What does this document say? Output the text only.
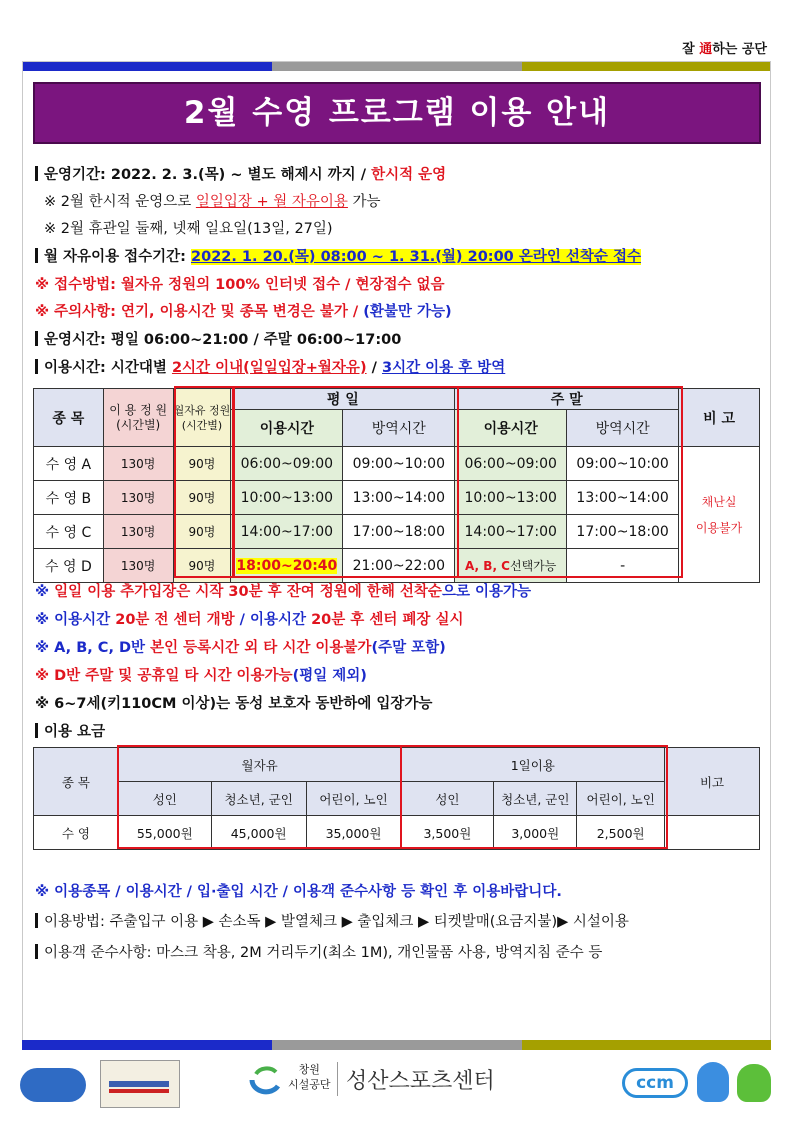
잘 通하는 공단
2월 수영 프로그램 이용 안내
운영기간: 2022. 2. 3.(목) ~ 별도 해제시 까지 / 한시적 운영
※ 2월 한시적 운영으로 일일입장 + 월 자유이용 가능
※ 2월 휴관일 둘째, 넷째 일요일(13일, 27일)
월 자유이용 접수기간: 2022. 1. 20.(목) 08:00 ~ 1. 31.(월) 20:00 온라인 선착순 접수
※ 접수방법: 월자유 정원의 100% 인터넷 접수 / 현장접수 없음
※ 주의사항: 연기, 이용시간 및 종목 변경은 불가 / (환불만 가능)
운영시간: 평일 06:00~21:00 / 주말 06:00~17:00
이용시간: 시간대별 2시간 이내(일일입장+월자유) / 3시간 이용 후 방역
종 목	이 용 정 원 (시간별)	월자유 정원 (시간별)	평 일		주 말		비 고
			이용시간	방역시간	이용시간	방역시간	
수 영 A	130명	90명	06:00~09:00	09:00~10:00	06:00~09:00	09:00~10:00	채난실 이용불가
수 영 B	130명	90명	10:00~13:00	13:00~14:00	10:00~13:00	13:00~14:00	
수 영 C	130명	90명	14:00~17:00	17:00~18:00	14:00~17:00	17:00~18:00	
수 영 D	130명	90명	18:00~20:40	21:00~22:00	A, B, C선택가능	-	
※ 일일 이용 추가입장은 시작 30분 후 잔여 정원에 한해 선착순으로 이용가능
※ 이용시간 20분 전 센터 개방 / 이용시간 20분 후 센터 폐장 실시
※ A, B, C, D반 본인 등록시간 외 타 시간 이용불가(주말 포함)
※ D반 주말 및 공휴일 타 시간 이용가능(평일 제외)
※ 6~7세(키110CM 이상)는 동성 보호자 동반하에 입장가능
이용 요금
종 목	월자유			1일이용			비고
	성인	청소년, 군인	어린이, 노인	성인	청소년, 군인	어린이, 노인	
수 영	55,000원	45,000원	35,000원	3,500원	3,000원	2,500원	
※ 이용종목 / 이용시간 / 입·출입 시간 / 이용객 준수사항 등 확인 후 이용바랍니다.
이용방법: 주출입구 이용 ▶ 손소독 ▶ 발열체크 ▶ 출입체크 ▶ 티켓발매(요금지불)▶ 시설이용
이용객 준수사항: 마스크 착용, 2M 거리두기(최소 1M), 개인물품 사용, 방역지침 준수 등
창원
시설공단 성산스포츠센터	ccm
